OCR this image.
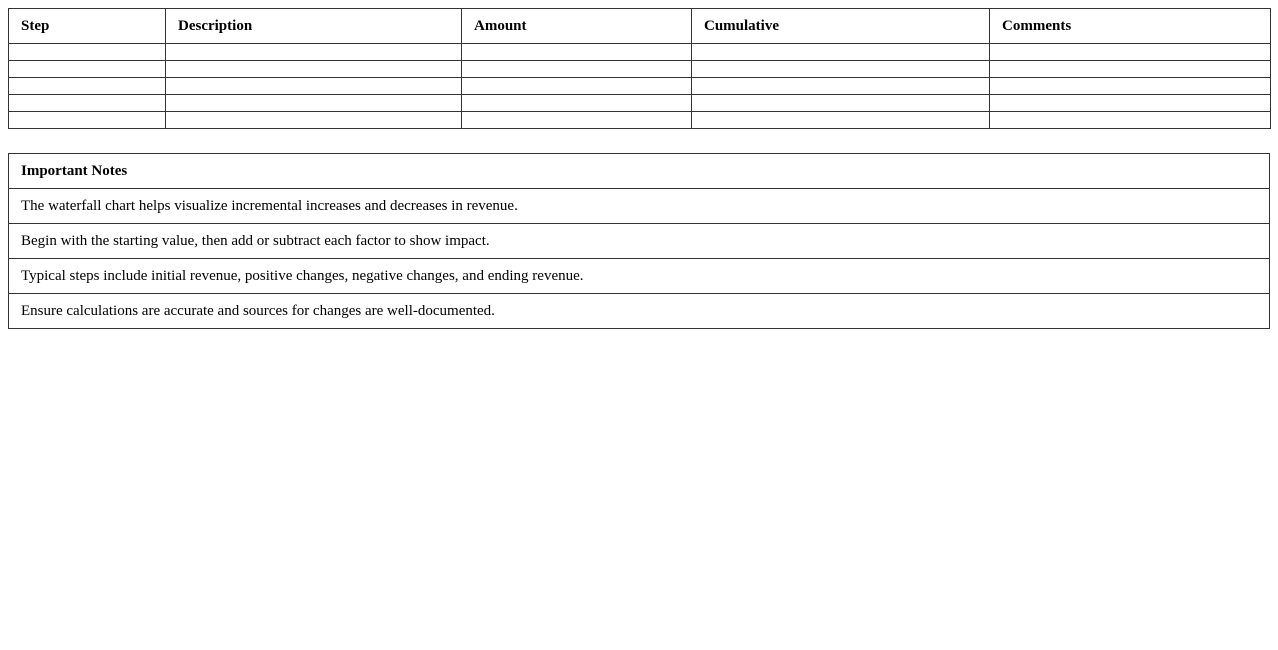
Step	Description	Amount	Cumulative	Comments

Important Notes
The waterfall chart helps visualize incremental increases and decreases in revenue.
Begin with the starting value, then add or subtract each factor to show impact.
Typical steps include initial revenue, positive changes, negative changes, and ending revenue.
Ensure calculations are accurate and sources for changes are well-documented.
